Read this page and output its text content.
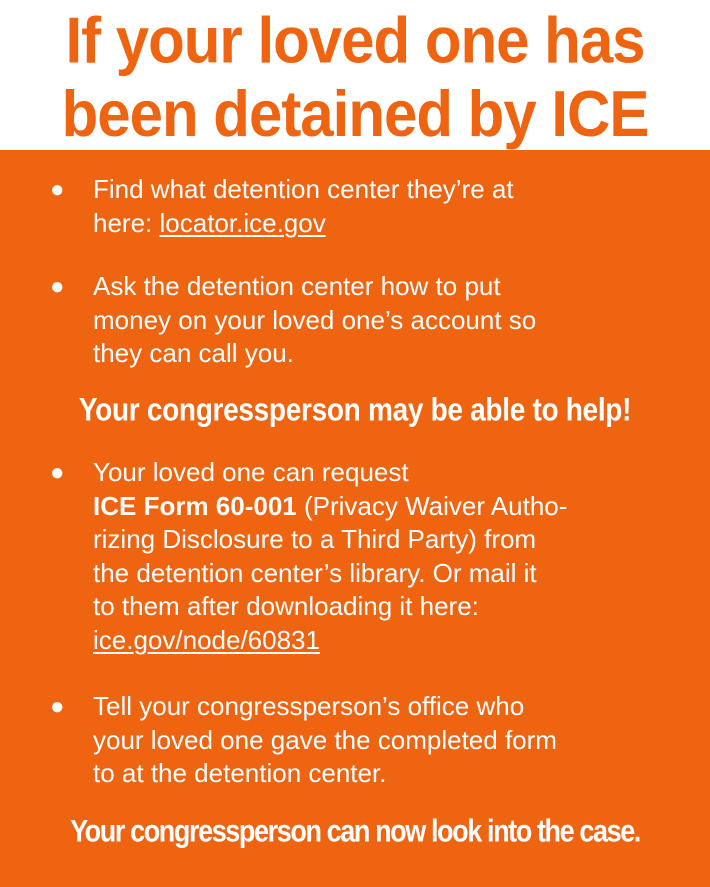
If your loved one has
been detained by ICE
● Find what detention center they’re at
here: locator.ice.gov
● Ask the detention center how to put
money on your loved one’s account so
they can call you.
Your congressperson may be able to help!
● Your loved one can request
ICE Form 60-001 (Privacy Waiver Autho-
rizing Disclosure to a Third Party) from
the detention center’s library. Or mail it
to them after downloading it here:
ice.gov/node/60831
● Tell your congressperson’s office who
your loved one gave the completed form
to at the detention center.
Your congressperson can now look into the case.
